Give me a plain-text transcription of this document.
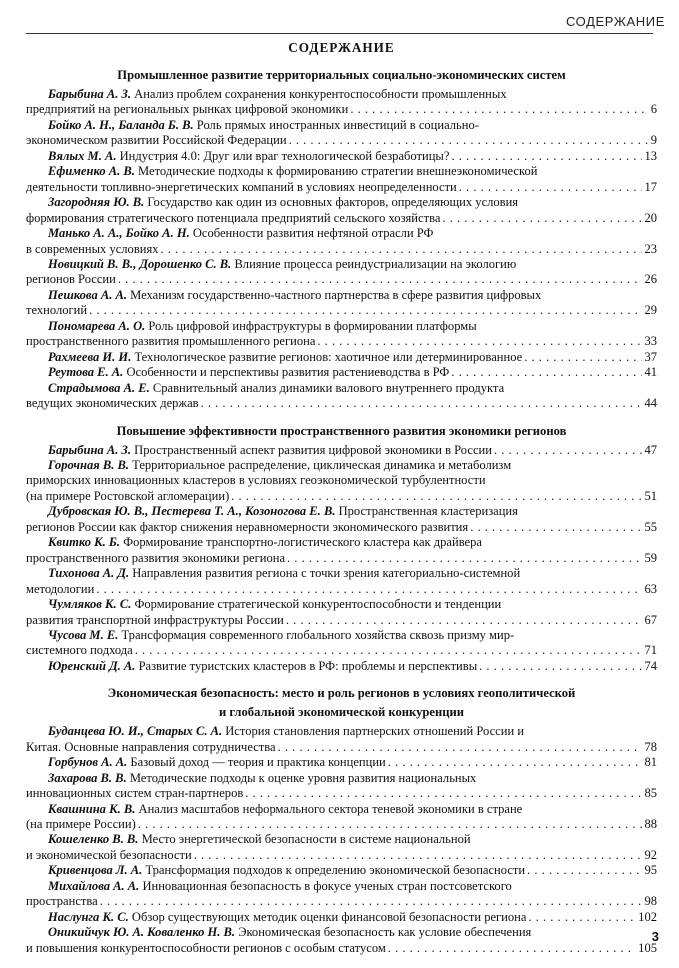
СОДЕРЖАНИЕ
СОДЕРЖАНИЕ
Промышленное развитие территориальных социально-экономических систем
Барыбина А. З. Анализ проблем сохранения конкурентоспособности промышленных
предприятий на региональных рынках цифровой экономики . . .	6
Бойко А. Н., Баланда Б. В. Роль прямых иностранных инвестиций в социально-
экономическом развитии Российской Федерации . . .	9
Вялых М. А. Индустрия 4.0: Друг или враг технологической безработицы? . . .	13
Ефименко А. В. Методические подходы к формированию стратегии внешнеэкономической
деятельности топливно-энергетических компаний в условиях неопределенности . . .	17
Загородняя Ю. В. Государство как один из основных факторов, определяющих условия
формирования стратегического потенциала предприятий сельского хозяйства . . .	20
Манько А. А., Бойко А. Н. Особенности развития нефтяной отрасли РФ
в современных условиях . . .	23
Новицкий В. В., Дорошенко С. В. Влияние процесса реиндустриализации на экологию
регионов России . . .	26
Пешкова А. А. Механизм государственно-частного партнерства в сфере развития цифровых
технологий . . .	29
Пономарева А. О. Роль цифровой инфраструктуры в формировании платформы
пространственного развития промышленного региона . . .	33
Рахмеева И. И. Технологическое развитие регионов: хаотичное или детерминированное . . .	37
Реутова Е. А. Особенности и перспективы развития растениеводства в РФ . . .	41
Страдымова А. Е. Сравнительный анализ динамики валового внутреннего продукта
ведущих экономических держав . . .	44
Повышение эффективности пространственного развития экономики регионов
Барыбина А. З. Пространственный аспект развития цифровой экономики в России . . .	47
Горочная В. В. Территориальное распределение, циклическая динамика и метаболизм
приморских инновационных кластеров в условиях геоэкономической турбулентности
(на примере Ростовской агломерации) . . .	51
Дубровская Ю. В., Пестерева Т. А., Козоногова Е. В. Пространственная кластеризация
регионов России как фактор снижения неравномерности экономического развития . . .	55
Квитко К. Б. Формирование транспортно-логистического кластера как драйвера
пространственного развития экономики региона . . .	59
Тихонова А. Д. Направления развития региона с точки зрения категориально-системной
методологии . . .	63
Чумляков К. С. Формирование стратегической конкурентоспособности и тенденции
развития транспортной инфраструктуры России . . .	67
Чусова М. Е. Трансформация современного глобального хозяйства сквозь призму мир-
системного подхода . . .	71
Юренский Д. А. Развитие туристских кластеров в РФ: проблемы и перспективы . . .	74
Экономическая безопасность: место и роль регионов в условиях геополитической
и глобальной экономической конкуренции
Буданцева Ю. И., Старых С. А. История становления партнерских отношений России и
Китая. Основные направления сотрудничества . . .	78
Горбунов А. А. Базовый доход — теория и практика концепции . . .	81
Захарова В. В. Методические подходы к оценке уровня развития национальных
инновационных систем стран-партнеров . . .	85
Квашнина К. В. Анализ масштабов неформального сектора теневой экономики в стране
(на примере России) . . .	88
Кошеленко В. В. Место энергетической безопасности в системе национальной
и экономической безопасности . . .	92
Кривенцова Л. А. Трансформация подходов к определению экономической безопасности . . .	95
Михайлова А. А. Инновационная безопасность в фокусе ученых стран постсоветского
пространства . . .	98
Наслунга К. С. Обзор существующих методик оценки финансовой безопасности региона . . .	102
Оникийчук Ю. А. Коваленко Н. В. Экономическая безопасность как условие обеспечения
и повышения конкурентоспособности регионов с особым статусом . . .	105
3
